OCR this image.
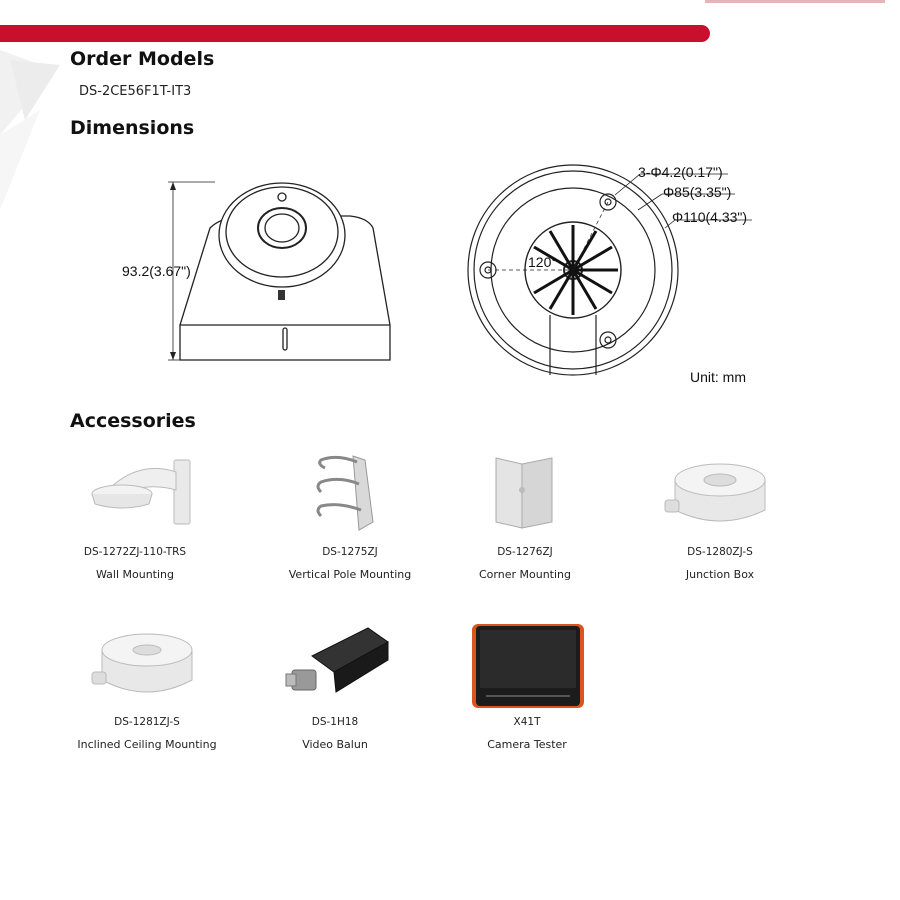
Order Models
DS-2CE56F1T-IT3
Dimensions
93.2(3.67")
3-Φ4.2(0.17")
Φ85(3.35")
Φ110(4.33")
120°
Unit: mm
Accessories
DS-1272ZJ-110-TRS
Wall Mounting
DS-1275ZJ
Vertical Pole Mounting
DS-1276ZJ
Corner Mounting
DS-1280ZJ-S
Junction Box
DS-1281ZJ-S
Inclined Ceiling Mounting
DS-1H18
Video Balun
X41T
Camera Tester
